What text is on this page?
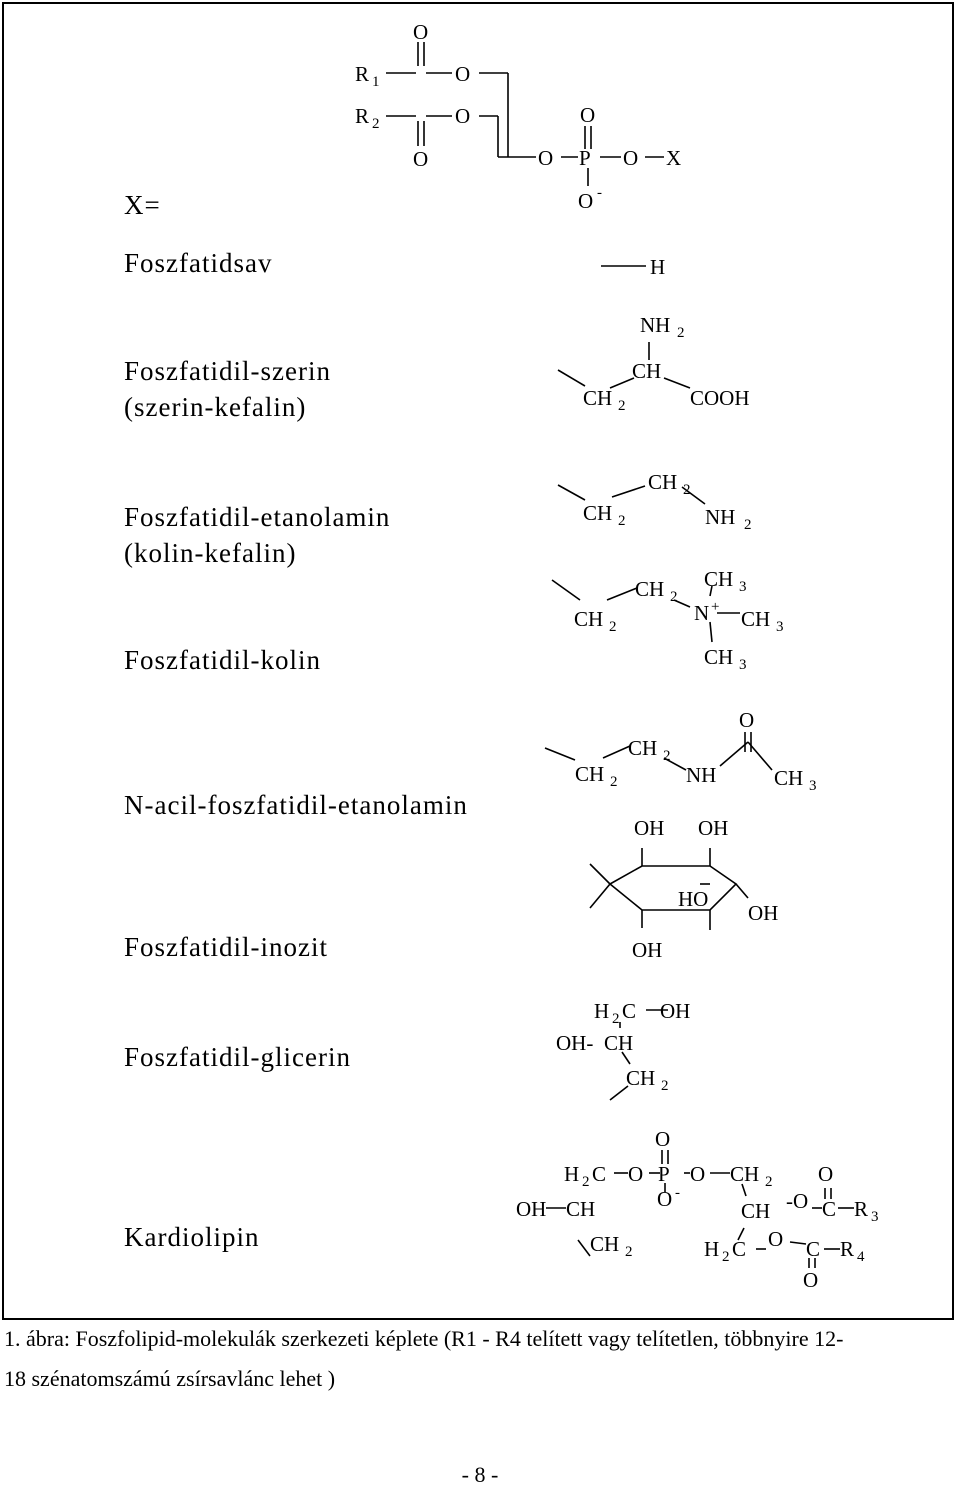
X=
Foszfatidsav
Foszfatidil-szerin
(szerin-kefalin)
Foszfatidil-etanolamin
(kolin-kefalin)
Foszfatidil-kolin
N-acil-foszfatidil-etanolamin
Foszfatidil-inozit
Foszfatidil-glicerin
Kardiolipin
R 1
O
O
R 2	O
O
O
O P O X
O -
H
NH 2
CH
CH 2	COOH
CH 2
CH 2	NH 2
CH 2
CH 3
CH 2
N + CH 3
CH 3
O
CH 2
CH 2	NH	CH 3
OH OH
HO
OH
OH
H 2 C OH
OH- CH
CH 2
O
H 2 C O P O CH 2 O
OH CH	O -
CH -O C R 3
CH 2	H 2 C O C R 4
O
1. ábra: Foszfolipid-molekulák szerkezeti képlete (R1 - R4 telített vagy telítetlen, többnyire 12-
18 szénatomszámú zsírsavlánc lehet )
- 8 -
